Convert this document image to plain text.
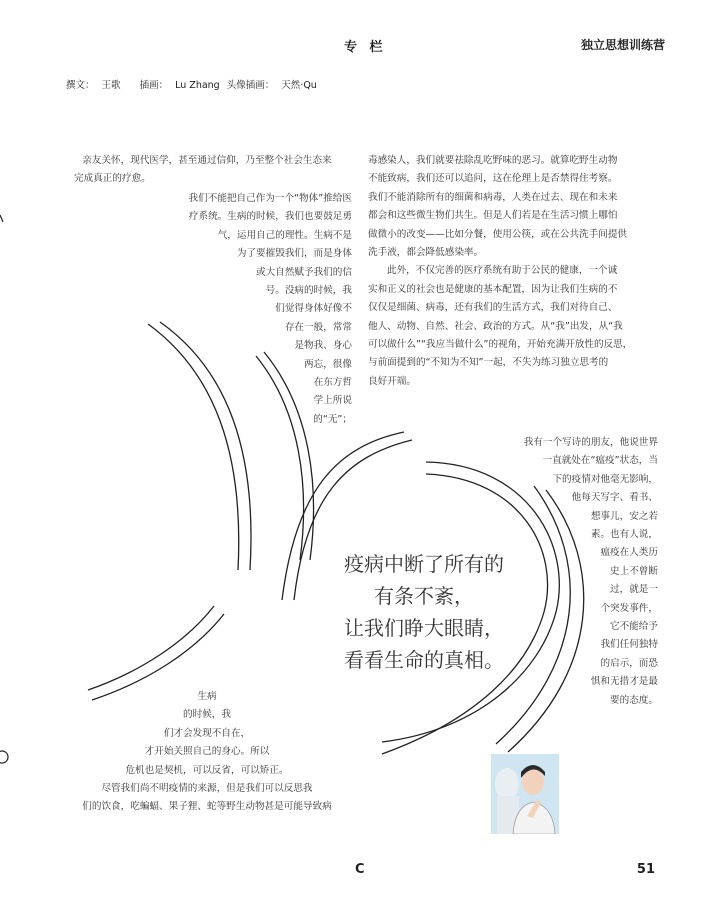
专 栏	独立思想训练营
撰文： 王歌 插画： Lu Zhang 头像插画： 天然·Qu

亲友关怀，现代医学，甚至通过信仰，乃至整个社会生态来

完成真正的疗愈。

我们不能把自己作为一个“物体”推给医

疗系统。生病的时候，我们也要鼓足勇

气，运用自己的理性。生病不是

为了要摧毁我们，而是身体

或大自然赋予我们的信

号。没病的时候，我

们觉得身体好像不

存在一般，常常

是物我、身心

两忘，很像

在东方哲

学上所说

的“无”；

生病

的时候，我

们才会发现不自在，

才开始关照自己的身心。所以

危机也是契机，可以反省，可以矫正。

尽管我们尚不明疫情的来源，但是我们可以反思我

们的饮食，吃蝙蝠、果子狸、蛇等野生动物甚是可能导致病

毒感染人，我们就要祛除乱吃野味的恶习。就算吃野生动物

不能致病，我们还可以追问，这在伦理上是否禁得住考察。

我们不能消除所有的细菌和病毒，人类在过去、现在和未来

都会和这些微生物们共生。但是人们若是在生活习惯上哪怕

做微小的改变——比如分餐，使用公筷，或在公共洗手间提供

洗手液，都会降低感染率。

此外，不仅完善的医疗系统有助于公民的健康，一个诚

实和正义的社会也是健康的基本配置，因为让我们生病的不

仅仅是细菌、病毒，还有我们的生活方式，我们对待自己、

他人、动物、自然、社会、政治的方式。从“我”出发，从“我

可以做什么”“我应当做什么”的视角，开始充满开放性的反思，

与前面提到的“不知为不知”一起，不失为练习独立思考的

良好开端。

我有一个写诗的朋友，他说世界

一直就处在“瘟疫”状态，当

下的疫情对他毫无影响，

他每天写字、看书、

想事儿，安之若

素。也有人说，

瘟疫在人类历

史上不曾断

过，就是一

个突发事件，

它不能给予

我们任何独特

的启示，而恐

惧和无措才是最

要的态度。

疫病中断了所有的

有条不紊，

让我们睁大眼睛，

看看生命的真相。

C	51
